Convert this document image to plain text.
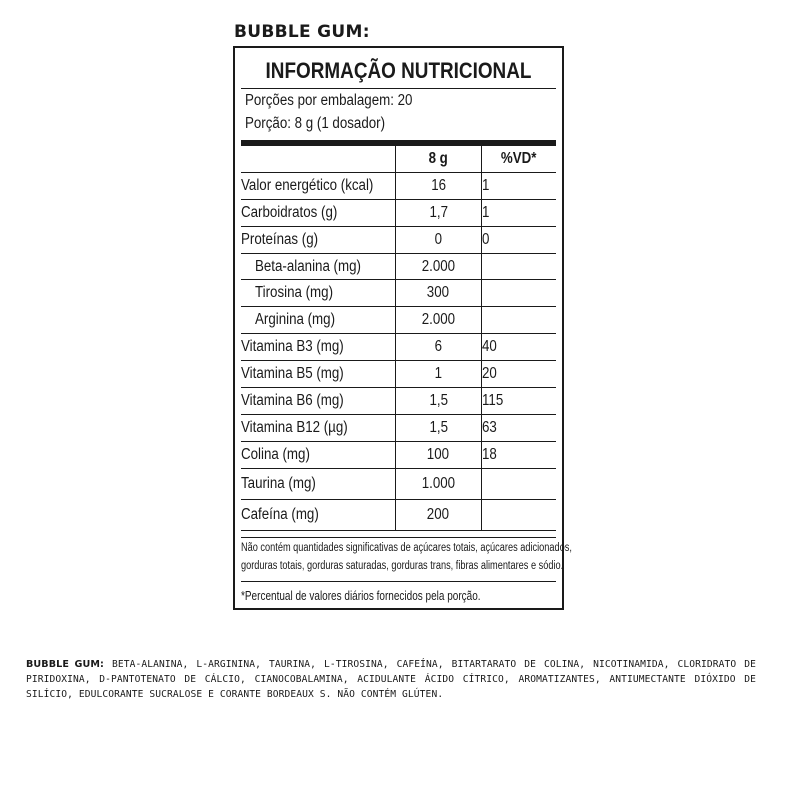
BUBBLE GUM:
INFORMAÇÃO NUTRICIONAL
Porções por embalagem: 20
Porção: 8 g (1 dosador)
	8 g	%VD*
Valor energético (kcal)	16	1
Carboidratos (g)	1,7	1
Proteínas (g)	0	0
Beta-alanina (mg)	2.000	
Tirosina (mg)	300	
Arginina (mg)	2.000	
Vitamina B3 (mg)	6	40
Vitamina B5 (mg)	1	20
Vitamina B6 (mg)	1,5	115
Vitamina B12 (µg)	1,5	63
Colina (mg)	100	18
Taurina (mg)	1.000	
Cafeína (mg)	200	
Não contém quantidades significativas de açúcares totais, açúcares adicionados,
gorduras totais, gorduras saturadas, gorduras trans, fibras alimentares e sódio.
*Percentual de valores diários fornecidos pela porção.
BUBBLE GUM: BETA-ALANINA, L-ARGININA, TAURINA, L-TIROSINA, CAFEÍNA, BITARTARATO DE COLINA, NICOTINAMIDA, CLORIDRATO DE PIRIDOXINA, D-PANTOTENATO DE CÁLCIO, CIANOCOBALAMINA, ACIDULANTE ÁCIDO CÍTRICO, AROMATIZANTES, ANTIUMECTANTE DIÓXIDO DE SILÍCIO, EDULCORANTE SUCRALOSE E CORANTE BORDEAUX S. NÃO CONTÉM GLÚTEN.
